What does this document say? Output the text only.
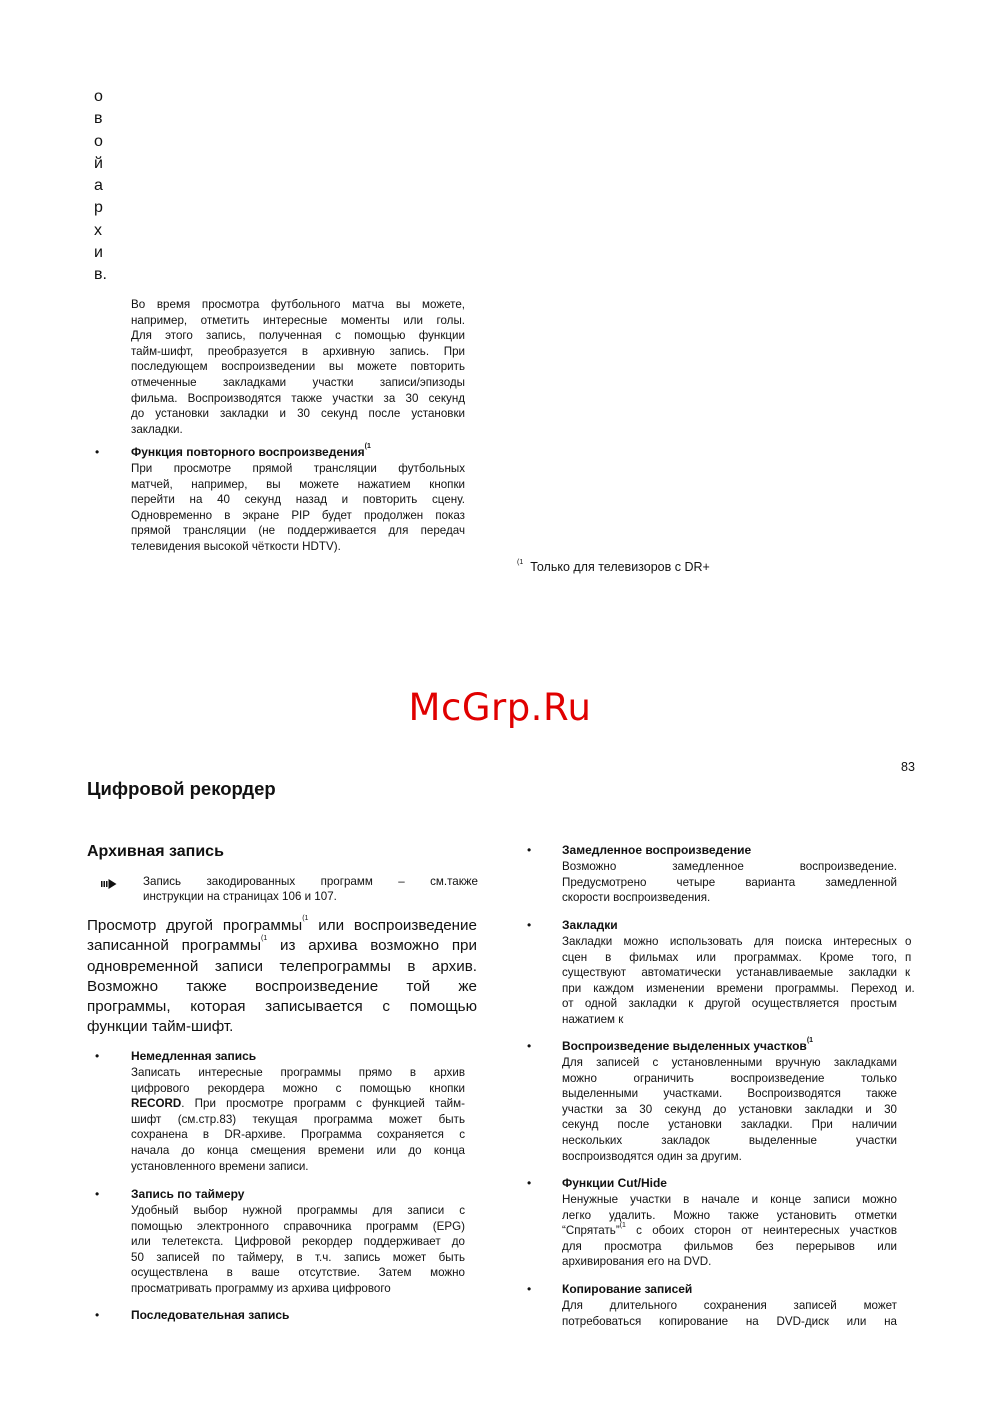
о
в
о
й
а
р
х
и
в.
Во время просмотра футбольного матча вы можете,
например, отметить интересные моменты или голы.
Для этого запись, полученная с помощью функции
тайм-шифт, преобразуется в архивную запись. При
последующем воспроизведении вы можете повторить
отмеченные закладками участки записи/эпизоды
фильма. Воспроизводятся также участки за 30 секунд
до установки закладки и 30 секунд после установки
закладки.
•	Функция повторного воспроизведения$^{(1}$
При просмотре прямой трансляции футбольных
матчей, например, вы можете нажатием кнопки
перейти на 40 секунд назад и повторить сцену.
Одновременно в экране PIP будет продолжен показ
прямой трансляции (не поддерживается для передач
телевидения высокой чёткости HDTV).
$^{(1}$ Только для телевизоров с DR+
McGrp.Ru
83
Цифровой рекордер
Архивная запись
Запись закодированных программ – см.также
инструкции на страницах 106 и 107.
Просмотр другой программы$^{(1}$ или воспроизведение
записанной программы$^{(1}$ из архива возможно при
одновременной записи телепрограммы в архив.
Возможно также воспроизведение той же
программы, которая записывается с помощью
функции тайм-шифт.
•	Немедленная запись
Записать интересные программы прямо в архив
цифрового рекордера можно с помощью кнопки
RECORD. При просмотре программ с функцией тайм-
шифт (см.стр.83) текущая программа может быть
сохранена в DR-архиве. Программа сохраняется с
начала до конца смещения времени или до конца
установленного времени записи.
•	Запись по таймеру
Удобный выбор нужной программы для записи с
помощью электронного справочника программ (EPG)
или телетекста. Цифровой рекордер поддерживает до
50 записей по таймеру, в т.ч. запись может быть
осуществлена в ваше отсутствие. Затем можно
просматривать программу из архива цифрового
•	Последовательная запись
•	Замедленное воспроизведение
Возможно замедленное воспроизведение.
Предусмотрено четыре варианта замедленной
скорости воспроизведения.
•	Закладки
Закладки можно использовать для поиска интересных
сцен в фильмах или программах. Кроме того,
существуют автоматически устанавливаемые закладки
при каждом изменении времени программы. Переход
от одной закладки к другой осуществляется простым
нажатием к
о
п
к
и.
•	Воспроизведение выделенных участков$^{(1}$
Для записей с установленными вручную закладками
можно ограничить воспроизведение только
выделенными участками. Воспроизводятся также
участки за 30 секунд до установки закладки и 30
секунд после установки закладки. При наличии
нескольких закладок выделенные участки
воспроизводятся один за другим.
•	Функции Cut/Hide
Ненужные участки в начале и конце записи можно
легко удалить. Можно также установить отметки
“Спрятать”$^{(1}$ с обоих сторон от неинтересных участков
для просмотра фильмов без перерывов или
архивирования его на DVD.
•	Копирование записей
Для длительного сохранения записей может
потребоваться копирование на DVD-диск или на
